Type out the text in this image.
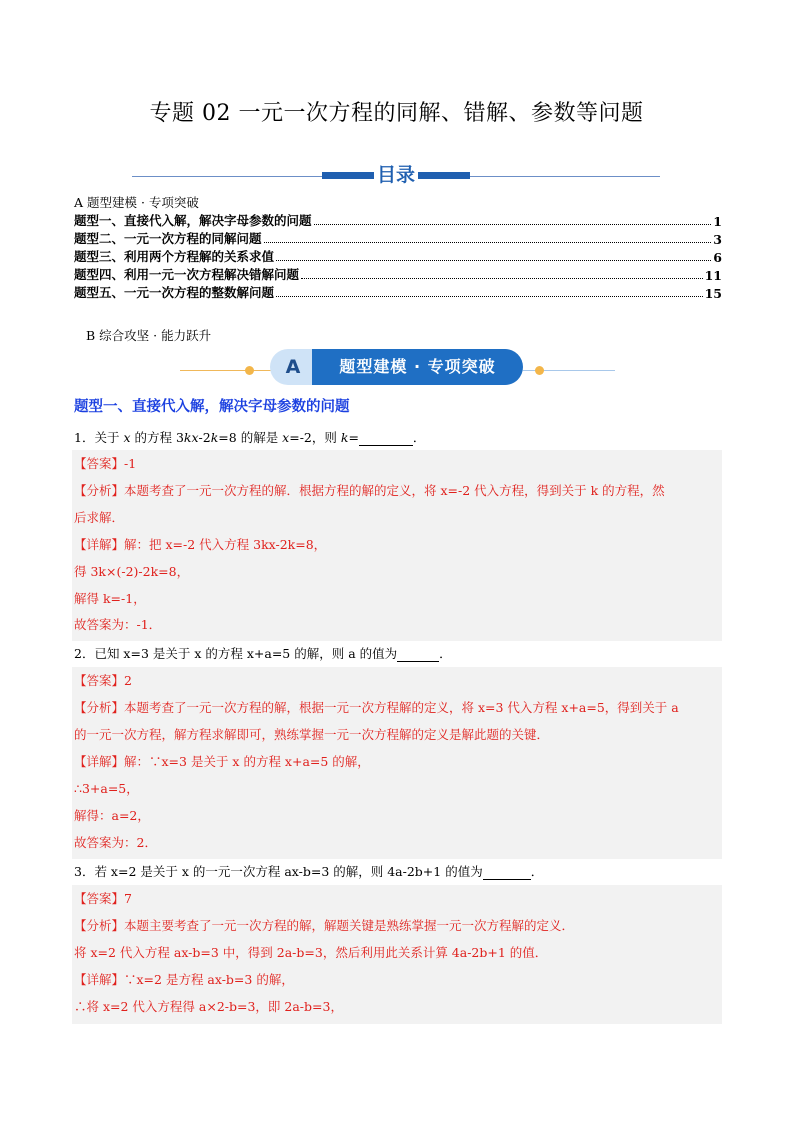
专题 02 一元一次方程的同解、错解、参数等问题
目录
A 题型建模 · 专项突破
题型一、直接代入解，解决字母参数的问题	1
题型二、一元一次方程的同解问题	3
题型三、利用两个方程解的关系求值	6
题型四、利用一元一次方程解决错解问题	11
题型五、一元一次方程的整数解问题	15
B 综合攻坚 · 能力跃升
A	题型建模 · 专项突破
题型一、直接代入解，解决字母参数的问题
1．关于 x 的方程 3kx-2k=8 的解是 x=-2，则 k=	．
【答案】-1
【分析】本题考查了一元一次方程的解．根据方程的解的定义，将 x=-2 代入方程，得到关于 k 的方程，然
后求解．
【详解】解：把 x=-2 代入方程 3kx-2k=8，
得 3k×(-2)-2k=8，
解得 k=-1，
故答案为：-1．
2．已知 x=3 是关于 x 的方程 x+a=5 的解，则 a 的值为	．
【答案】2
【分析】本题考查了一元一次方程的解，根据一元一次方程解的定义，将 x=3 代入方程 x+a=5，得到关于 a
的一元一次方程，解方程求解即可，熟练掌握一元一次方程解的定义是解此题的关键．
【详解】解：∵x=3 是关于 x 的方程 x+a=5 的解，
∴3+a=5，
解得：a=2，
故答案为：2．
3．若 x=2 是关于 x 的一元一次方程 ax-b=3 的解，则 4a-2b+1 的值为	．
【答案】7
【分析】本题主要考查了一元一次方程的解，解题关键是熟练掌握一元一次方程解的定义．
将 x=2 代入方程 ax-b=3 中，得到 2a-b=3，然后利用此关系计算 4a-2b+1 的值．
【详解】∵x=2 是方程 ax-b=3 的解，
∴将 x=2 代入方程得 a×2-b=3，即 2a-b=3，
